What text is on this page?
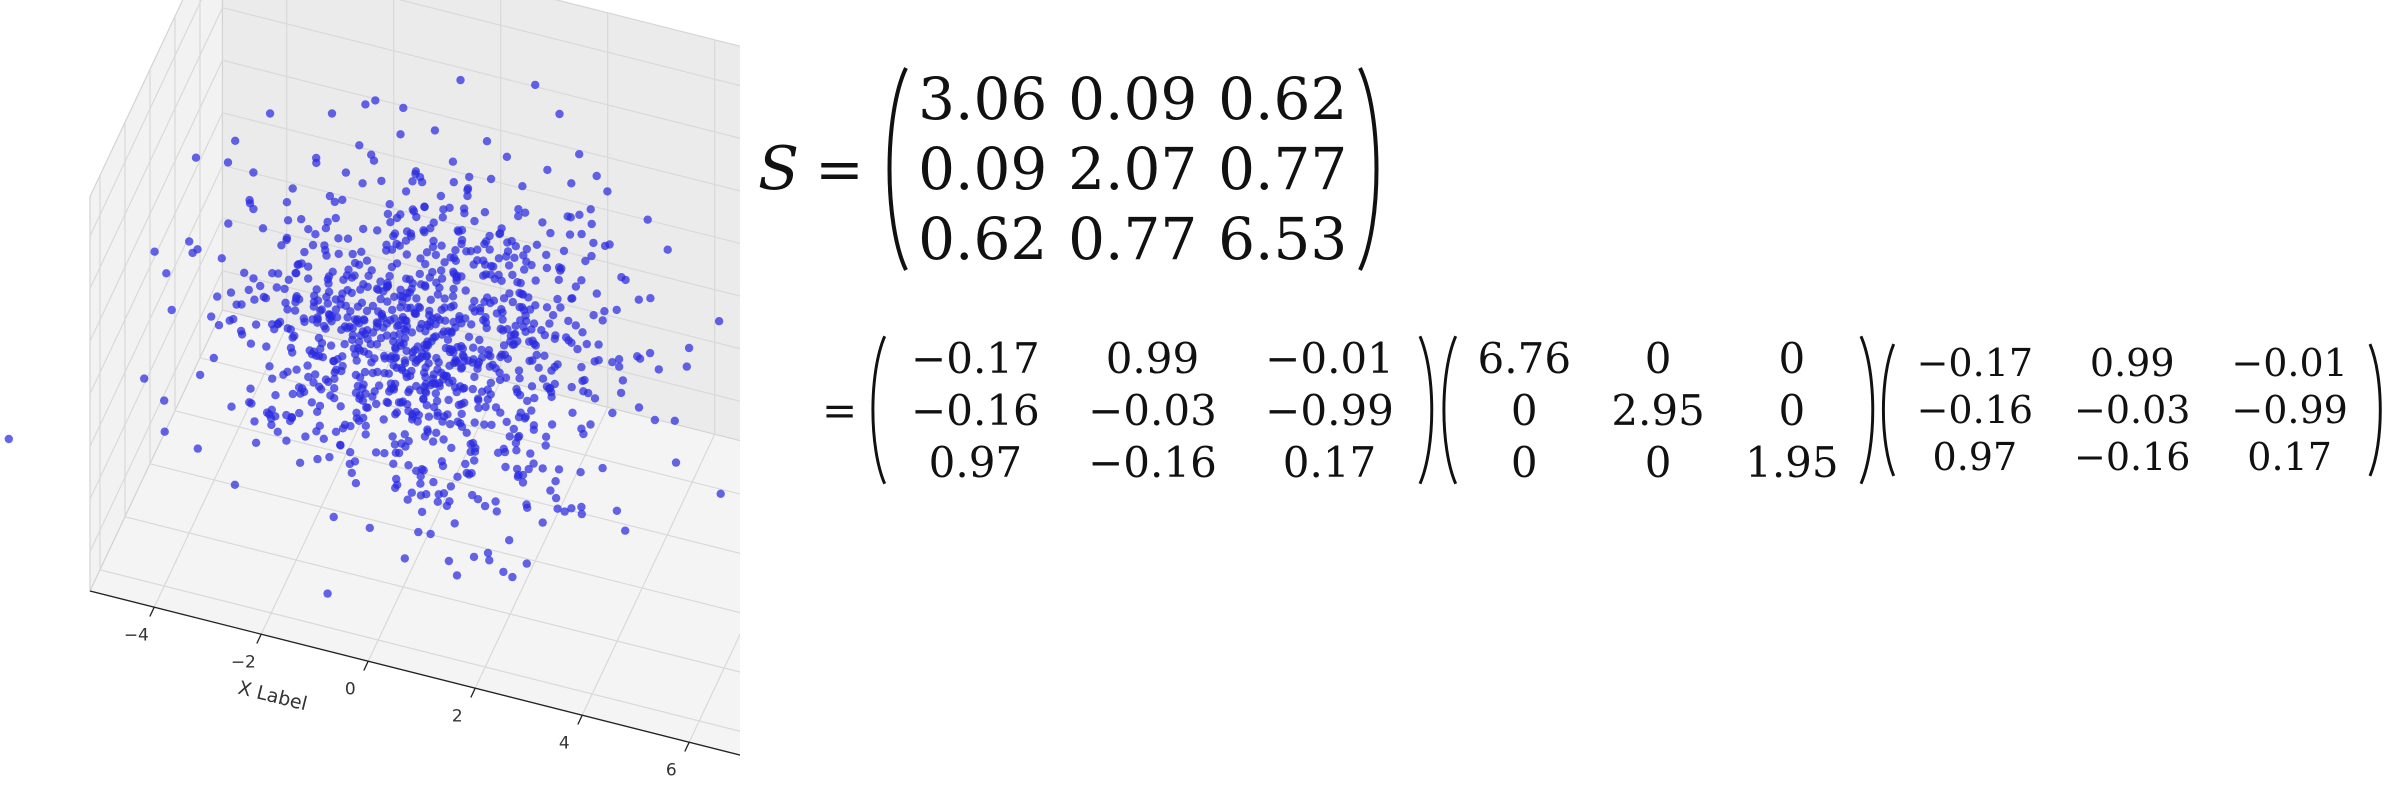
−4
−2
0
2
4
6
X Label
S =
3.06	0.09	0.62
0.09	2.07	0.77
0.62	0.77	6.53
=
−0.17	0.99	−0.01
−0.16	−0.03	−0.99
0.97	−0.16	0.17
6.76	0	0
0	2.95	0
0	0	1.95
−0.17	0.99	−0.01
−0.16	−0.03	−0.99
0.97	−0.16	0.17
